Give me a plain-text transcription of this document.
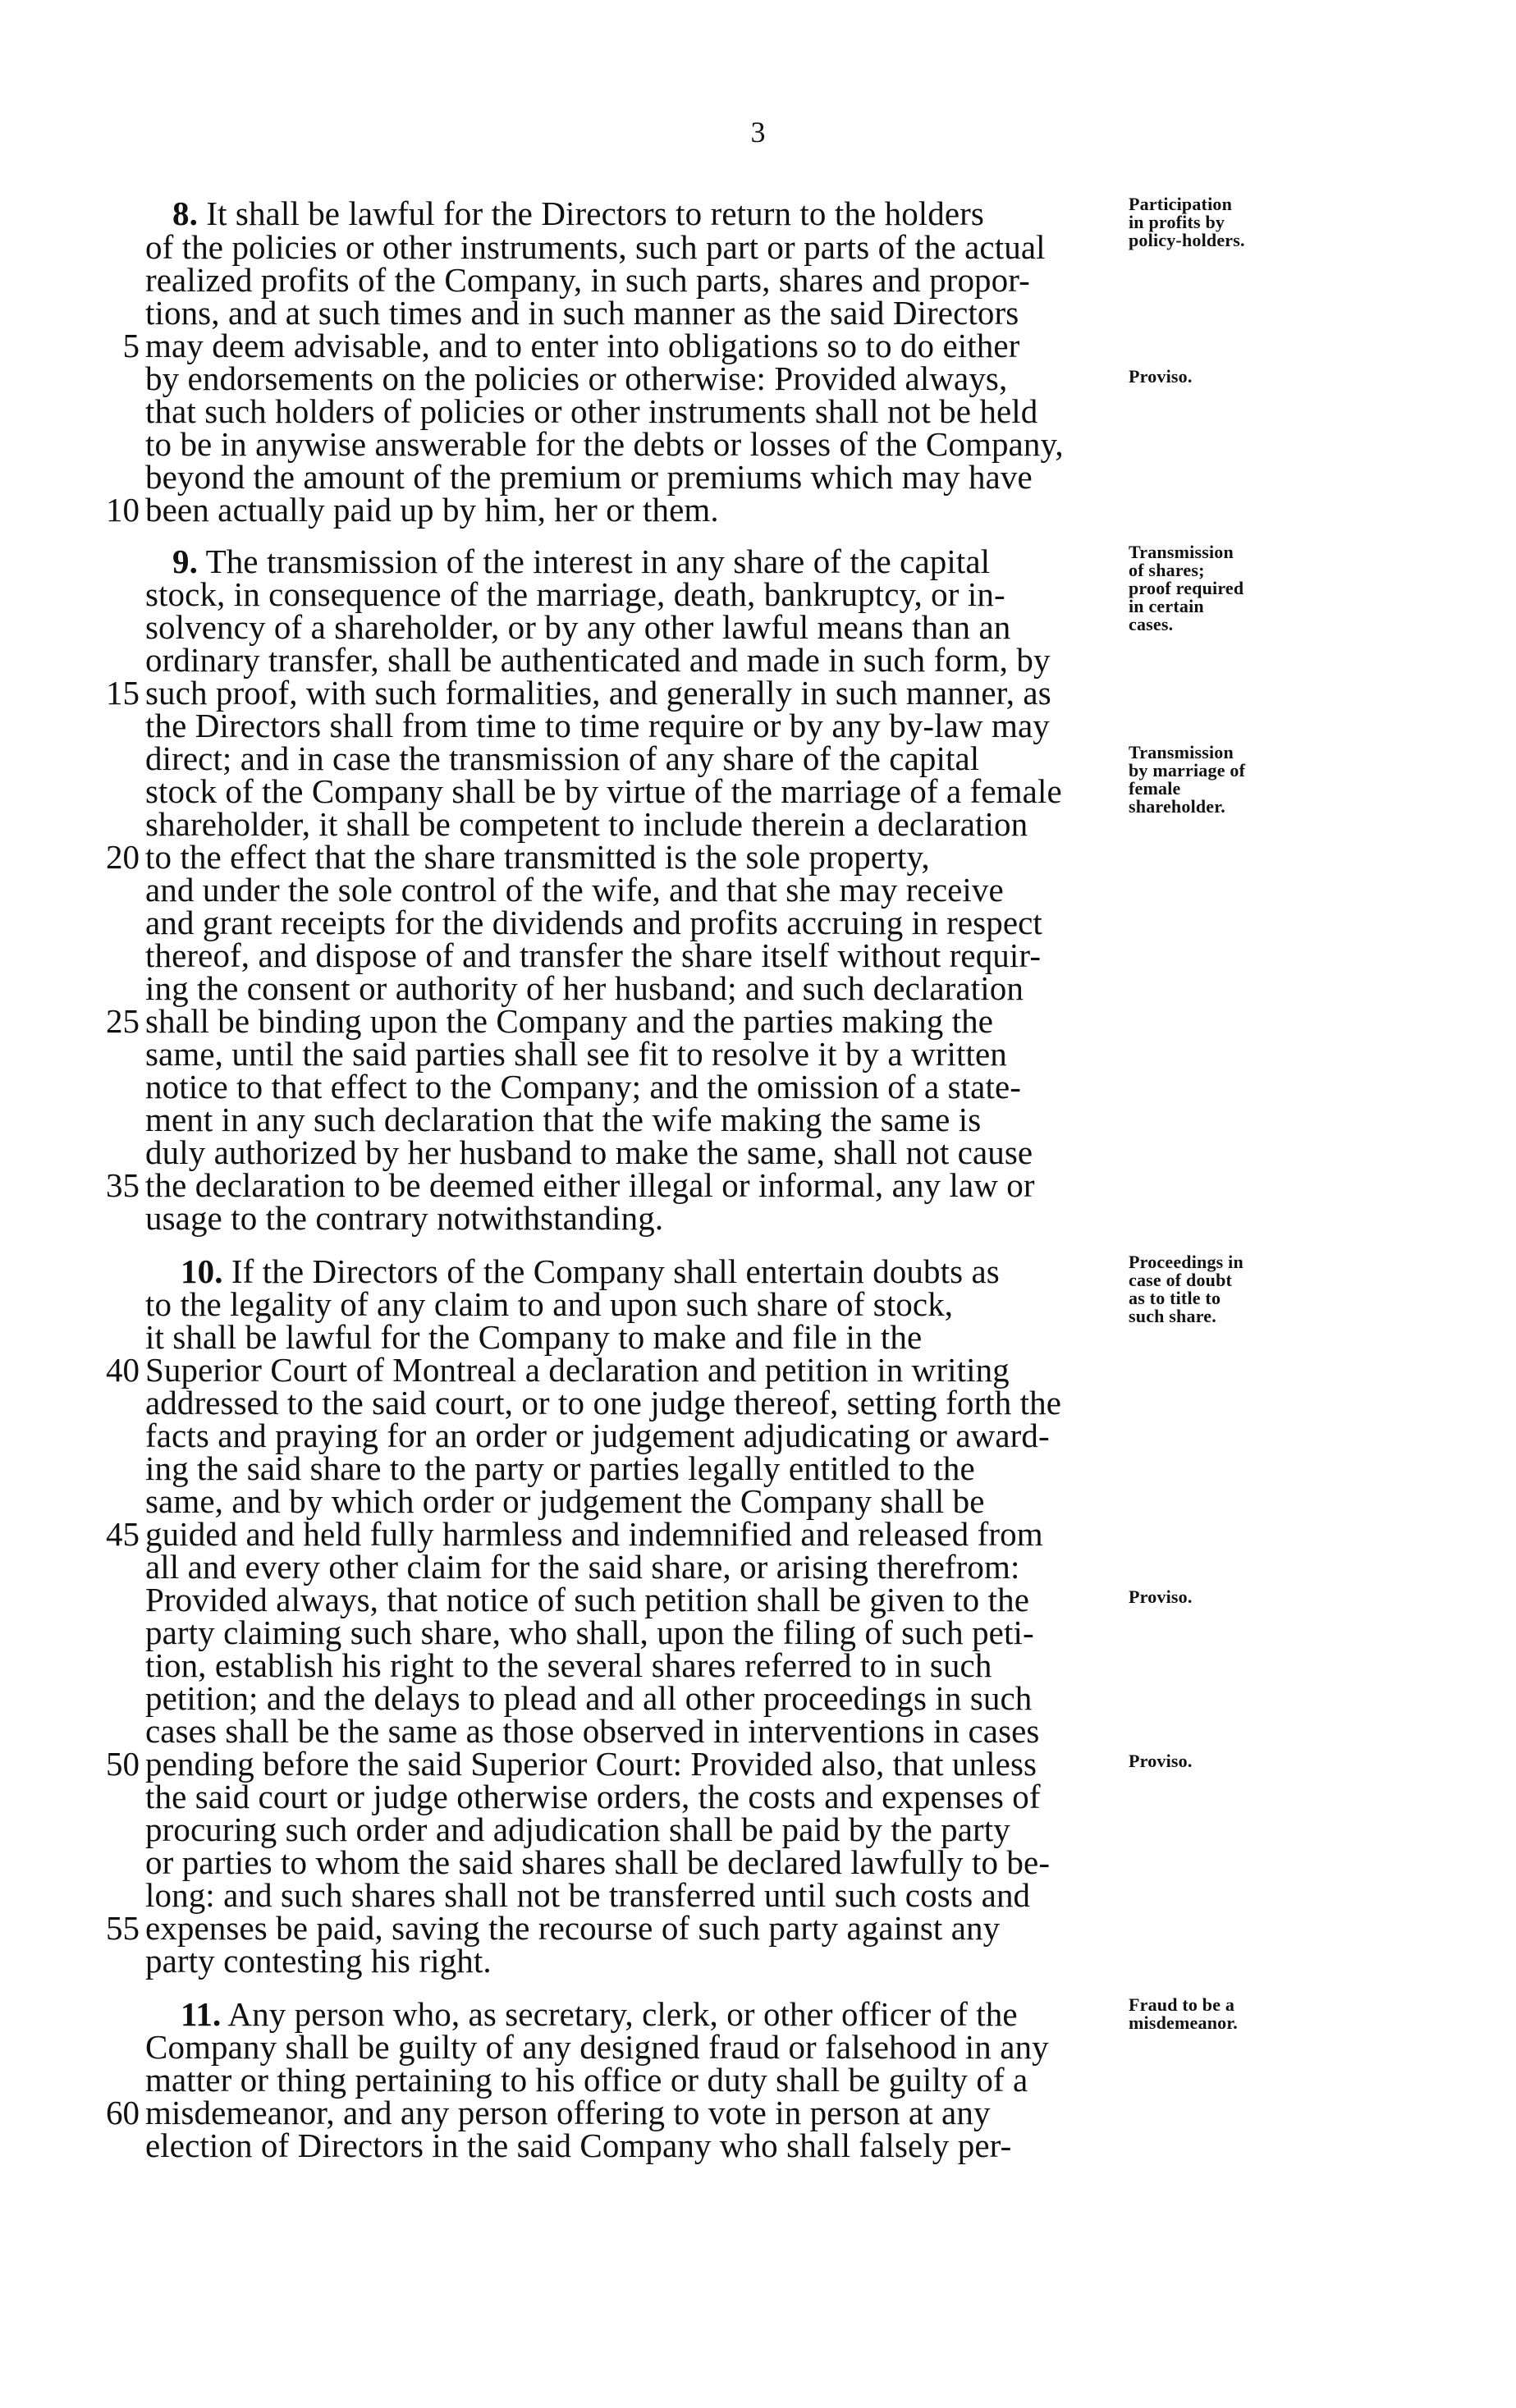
3
8. It shall be lawful for the Directors to return to the holders
of the policies or other instruments, such part or parts of the actual
realized profits of the Company, in such parts, shares and propor-
tions, and at such times and in such manner as the said Directors
may deem advisable, and to enter into obligations so to do either
by endorsements on the policies or otherwise: Provided always,
that such holders of policies or other instruments shall not be held
to be in anywise answerable for the debts or losses of the Company,
beyond the amount of the premium or premiums which may have
been actually paid up by him, her or them.
9. The transmission of the interest in any share of the capital
stock, in consequence of the marriage, death, bankruptcy, or in-
solvency of a shareholder, or by any other lawful means than an
ordinary transfer, shall be authenticated and made in such form, by
such proof, with such formalities, and generally in such manner, as
the Directors shall from time to time require or by any by-law may
direct; and in case the transmission of any share of the capital
stock of the Company shall be by virtue of the marriage of a female
shareholder, it shall be competent to include therein a declaration
to the effect that the share transmitted is the sole property,
and under the sole control of the wife, and that she may receive
and grant receipts for the dividends and profits accruing in respect
thereof, and dispose of and transfer the share itself without requir-
ing the consent or authority of her husband; and such declaration
shall be binding upon the Company and the parties making the
same, until the said parties shall see fit to resolve it by a written
notice to that effect to the Company; and the omission of a state-
ment in any such declaration that the wife making the same is
duly authorized by her husband to make the same, shall not cause
the declaration to be deemed either illegal or informal, any law or
usage to the contrary notwithstanding.
10. If the Directors of the Company shall entertain doubts as
to the legality of any claim to and upon such share of stock,
it shall be lawful for the Company to make and file in the
Superior Court of Montreal a declaration and petition in writing
addressed to the said court, or to one judge thereof, setting forth the
facts and praying for an order or judgement adjudicating or award-
ing the said share to the party or parties legally entitled to the
same, and by which order or judgement the Company shall be
guided and held fully harmless and indemnified and released from
all and every other claim for the said share, or arising therefrom:
Provided always, that notice of such petition shall be given to the
party claiming such share, who shall, upon the filing of such peti-
tion, establish his right to the several shares referred to in such
petition; and the delays to plead and all other proceedings in such
cases shall be the same as those observed in interventions in cases
pending before the said Superior Court: Provided also, that unless
the said court or judge otherwise orders, the costs and expenses of
procuring such order and adjudication shall be paid by the party
or parties to whom the said shares shall be declared lawfully to be-
long: and such shares shall not be transferred until such costs and
expenses be paid, saving the recourse of such party against any
party contesting his right.
11. Any person who, as secretary, clerk, or other officer of the
Company shall be guilty of any designed fraud or falsehood in any
matter or thing pertaining to his office or duty shall be guilty of a
misdemeanor, and any person offering to vote in person at any
election of Directors in the said Company who shall falsely per-
5
10
15
20
25
35
40
45
50
55
60
Participation
in profits by
policy-holders.
Proviso.
Transmission
of shares;
proof required
in certain
cases.
Transmission
by marriage of
female
shareholder.
Proceedings in
case of doubt
as to title to
such share.
Proviso.
Proviso.
Fraud to be a
misdemeanor.
